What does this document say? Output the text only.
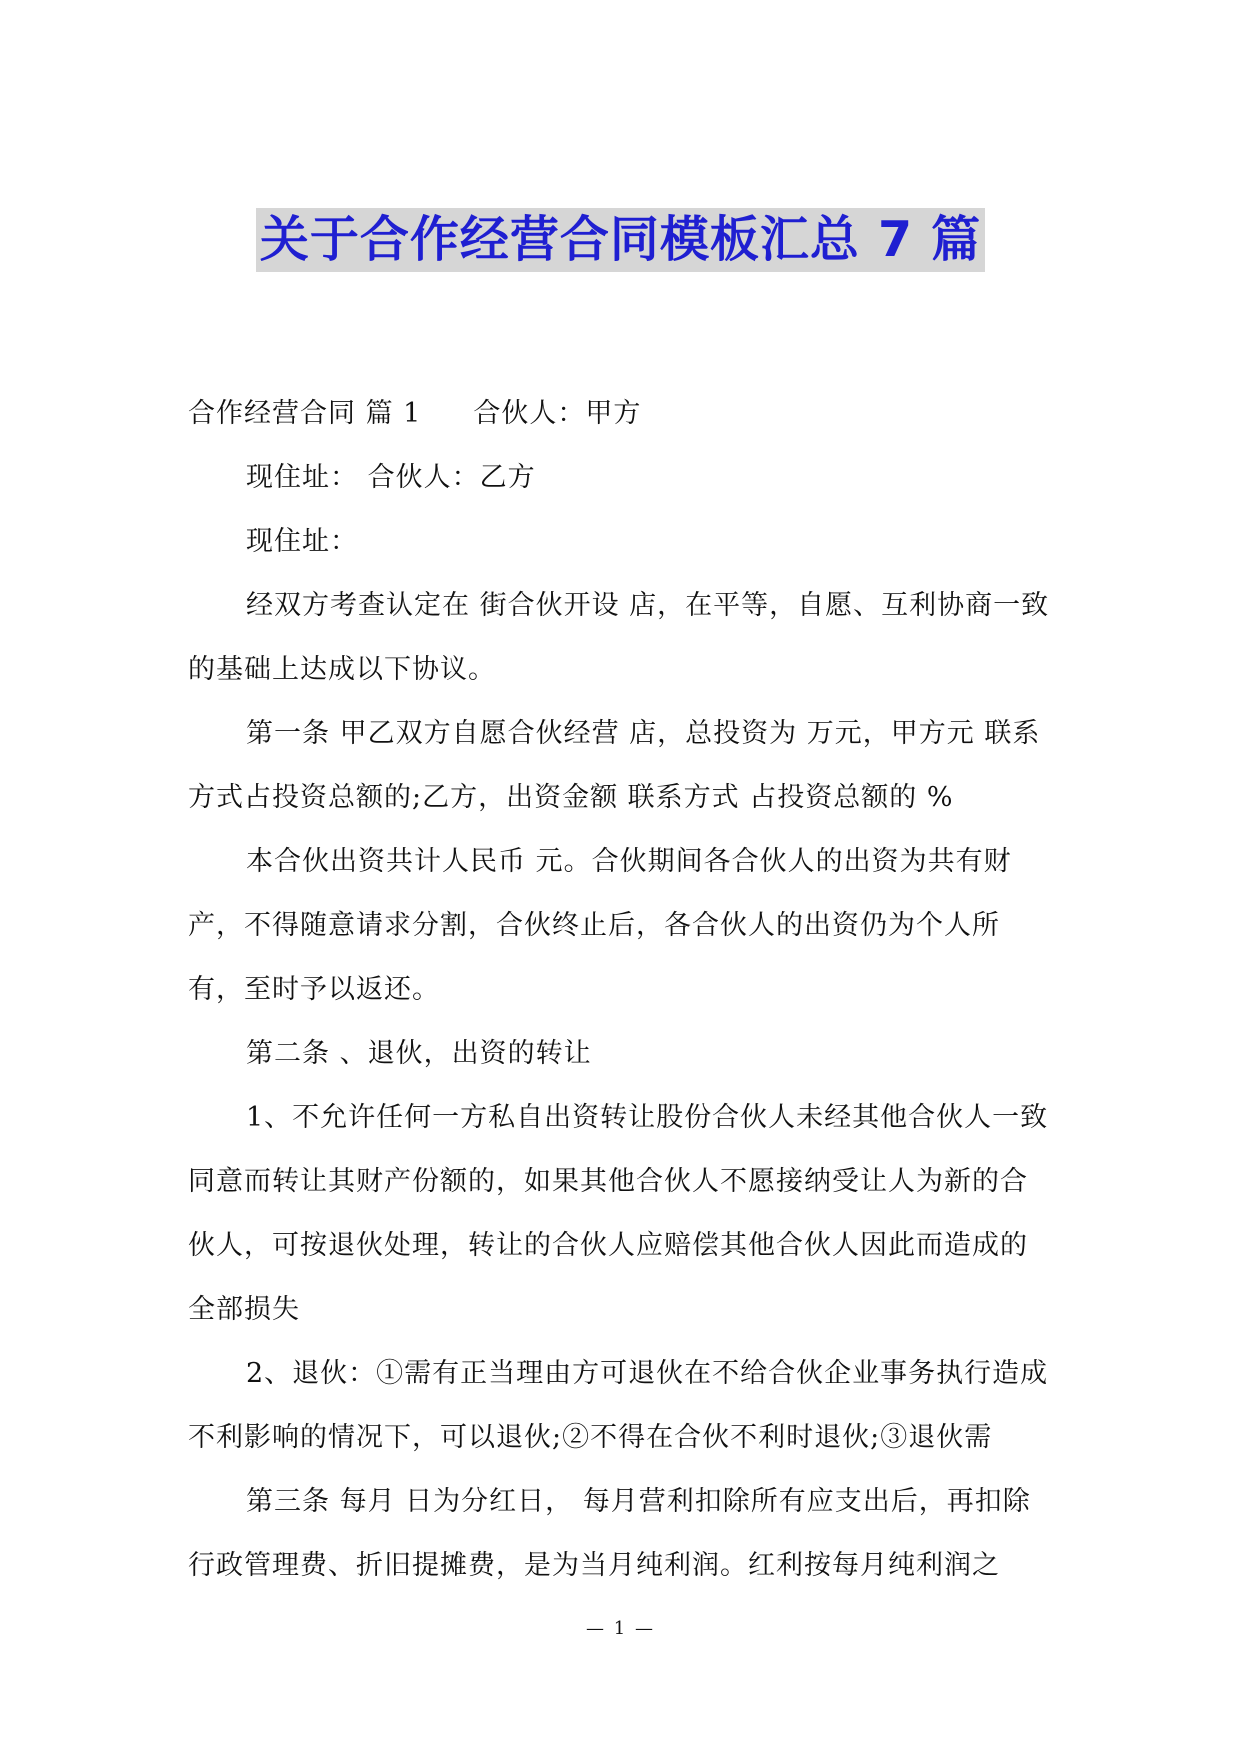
关于合作经营合同模板汇总 7 篇

合作经营合同 篇 1 合伙人：甲方

现住址： 合伙人：乙方

现住址：

经双方考查认定在 街合伙开设 店，在平等，自愿、互利协商一致的基础上达成以下协议。

第一条 甲乙双方自愿合伙经营 店，总投资为 万元，甲方元 联系方式占投资总额的;乙方，出资金额 联系方式 占投资总额的 %

本合伙出资共计人民币 元。合伙期间各合伙人的出资为共有财产，不得随意请求分割，合伙终止后，各合伙人的出资仍为个人所有，至时予以返还。

第二条 、退伙，出资的转让

1、不允许任何一方私自出资转让股份合伙人未经其他合伙人一致同意而转让其财产份额的，如果其他合伙人不愿接纳受让人为新的合伙人，可按退伙处理，转让的合伙人应赔偿其他合伙人因此而造成的全部损失

2、退伙：①需有正当理由方可退伙在不给合伙企业事务执行造成不利影响的情况下，可以退伙;②不得在合伙不利时退伙;③退伙需

第三条 每月 日为分红日， 每月营利扣除所有应支出后，再扣除行政管理费、折旧提摊费，是为当月纯利润。红利按每月纯利润之

— 1 —
